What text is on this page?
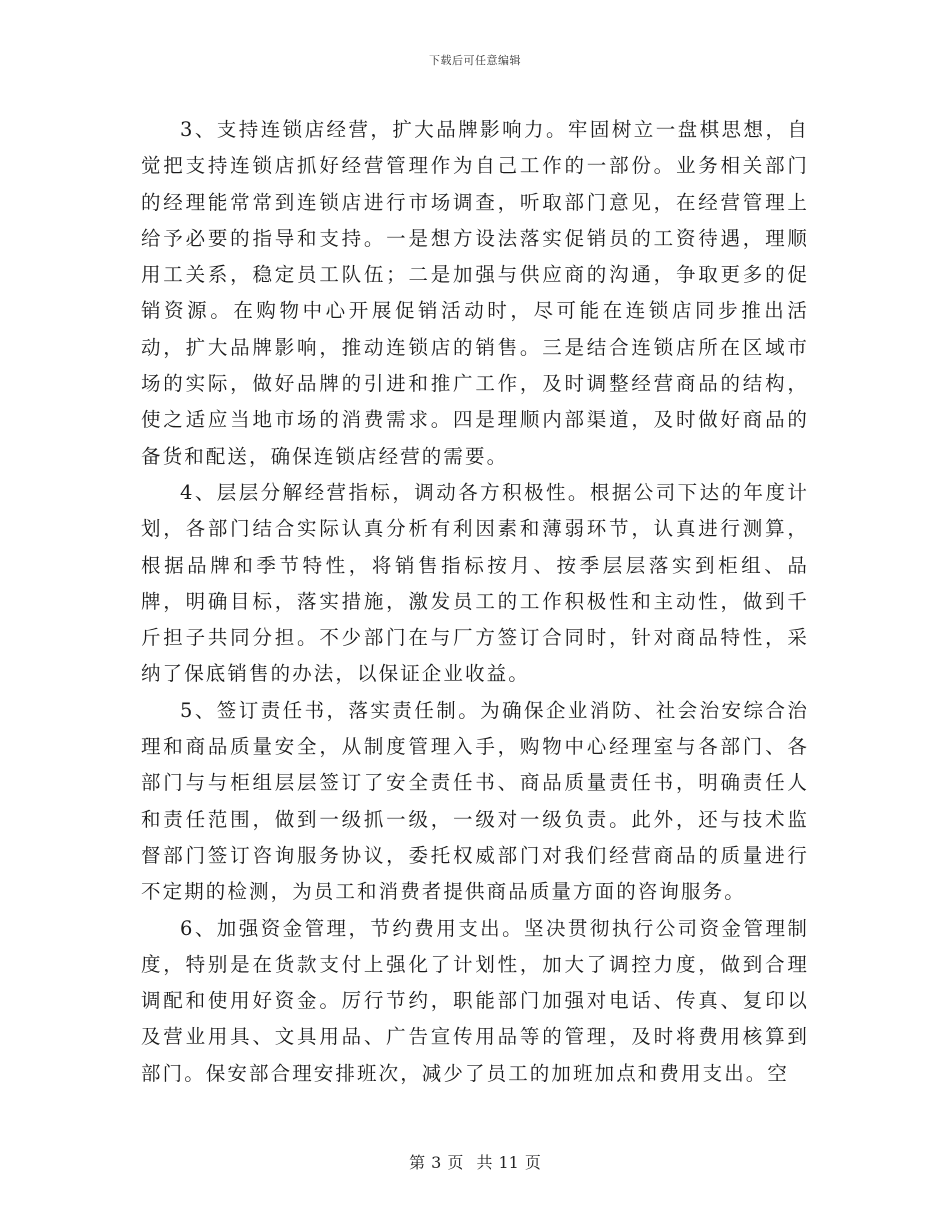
下载后可任意编辑

3、支持连锁店经营，扩大品牌影响力。牢固树立一盘棋思想，自觉把支持连锁店抓好经营管理作为自己工作的一部份。业务相关部门的经理能常常到连锁店进行市场调查，听取部门意见，在经营管理上给予必要的指导和支持。一是想方设法落实促销员的工资待遇，理顺用工关系，稳定员工队伍；二是加强与供应商的沟通，争取更多的促销资源。在购物中心开展促销活动时，尽可能在连锁店同步推出活动，扩大品牌影响，推动连锁店的销售。三是结合连锁店所在区域市场的实际，做好品牌的引进和推广工作，及时调整经营商品的结构，使之适应当地市场的消费需求。四是理顺内部渠道，及时做好商品的备货和配送，确保连锁店经营的需要。

4、层层分解经营指标，调动各方积极性。根据公司下达的年度计划，各部门结合实际认真分析有利因素和薄弱环节，认真进行测算，根据品牌和季节特性，将销售指标按月、按季层层落实到柜组、品牌，明确目标，落实措施，激发员工的工作积极性和主动性，做到千斤担子共同分担。不少部门在与厂方签订合同时，针对商品特性，采纳了保底销售的办法，以保证企业收益。

5、签订责任书，落实责任制。为确保企业消防、社会治安综合治理和商品质量安全，从制度管理入手，购物中心经理室与各部门、各部门与与柜组层层签订了安全责任书、商品质量责任书，明确责任人和责任范围，做到一级抓一级，一级对一级负责。此外，还与技术监督部门签订咨询服务协议，委托权威部门对我们经营商品的质量进行不定期的检测，为员工和消费者提供商品质量方面的咨询服务。

6、加强资金管理，节约费用支出。坚决贯彻执行公司资金管理制度，特别是在货款支付上强化了计划性，加大了调控力度，做到合理调配和使用好资金。厉行节约，职能部门加强对电话、传真、复印以及营业用具、文具用品、广告宣传用品等的管理，及时将费用核算到部门。保安部合理安排班次，减少了员工的加班加点和费用支出。空

第 3 页 共 11 页
